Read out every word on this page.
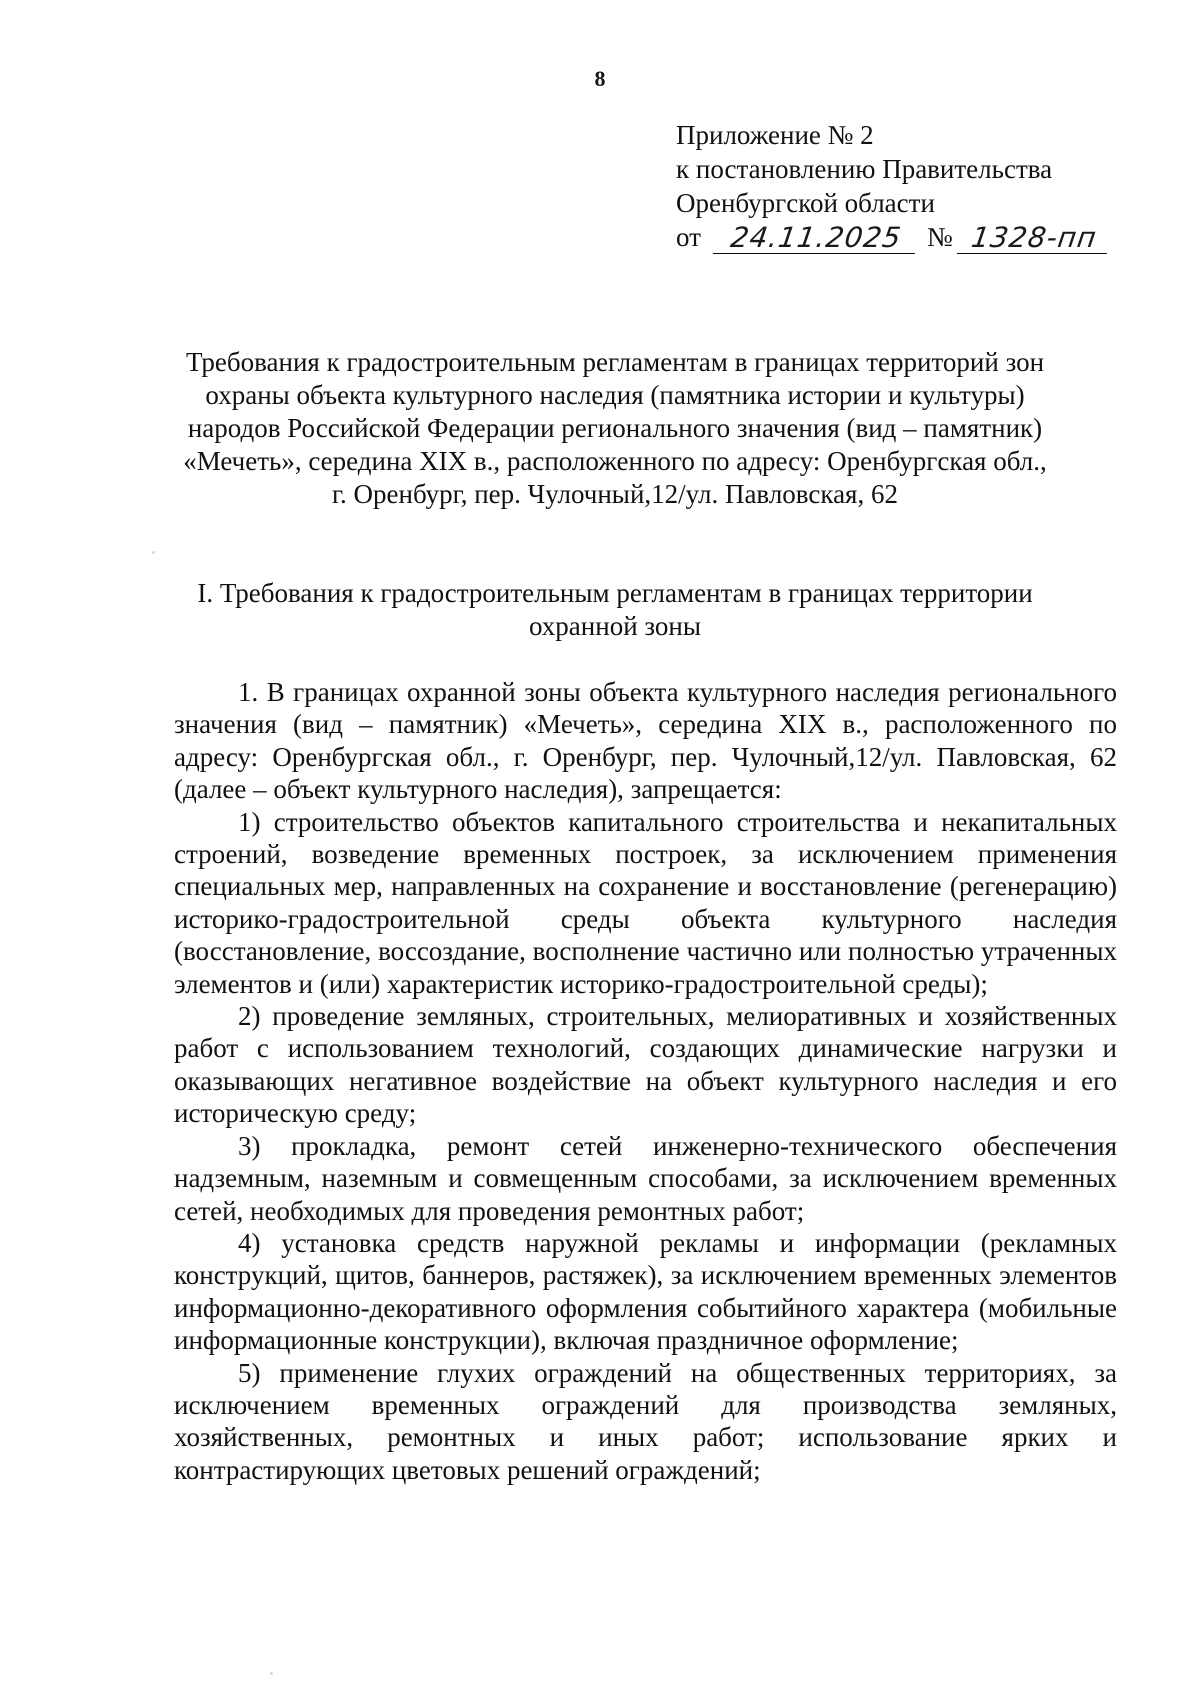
8
Приложение № 2
к постановлению Правительства
Оренбургской области
от 24.11.2025 № 1328-пп
Требования к градостроительным регламентам в границах территорий зон
охраны объекта культурного наследия (памятника истории и культуры)
народов Российской Федерации регионального значения (вид – памятник)
«Мечеть», середина XIX в., расположенного по адресу: Оренбургская обл.,
г. Оренбург, пер. Чулочный,12/ул. Павловская, 62
I. Требования к градостроительным регламентам в границах территории
охранной зоны

1. В границах охранной зоны объекта культурного наследия регионального значения (вид – памятник) «Мечеть», середина XIX в., расположенного по адресу: Оренбургская обл., г. Оренбург, пер. Чулочный,12/ул. Павловская, 62 (далее – объект культурного наследия), запрещается:

1) строительство объектов капитального строительства и некапитальных строений, возведение временных построек, за исключением применения специальных мер, направленных на сохранение и восстановление (регенерацию) историко-градостроительной среды объекта культурного наследия (восстановление, воссоздание, восполнение частично или полностью утраченных элементов и (или) характеристик историко-градостроительной среды);

2) проведение земляных, строительных, мелиоративных и хозяйственных работ с использованием технологий, создающих динамические нагрузки и оказывающих негативное воздействие на объект культурного наследия и его историческую среду;

3) прокладка, ремонт сетей инженерно-технического обеспечения надземным, наземным и совмещенным способами, за исключением временных сетей, необходимых для проведения ремонтных работ;

4) установка средств наружной рекламы и информации (рекламных конструкций, щитов, баннеров, растяжек), за исключением временных элементов информационно-декоративного оформления событийного характера (мобильные информационные конструкции), включая праздничное оформление;

5) применение глухих ограждений на общественных территориях, за исключением временных ограждений для производства земляных, хозяйственных, ремонтных и иных работ; использование ярких и контрастирующих цветовых решений ограждений;
